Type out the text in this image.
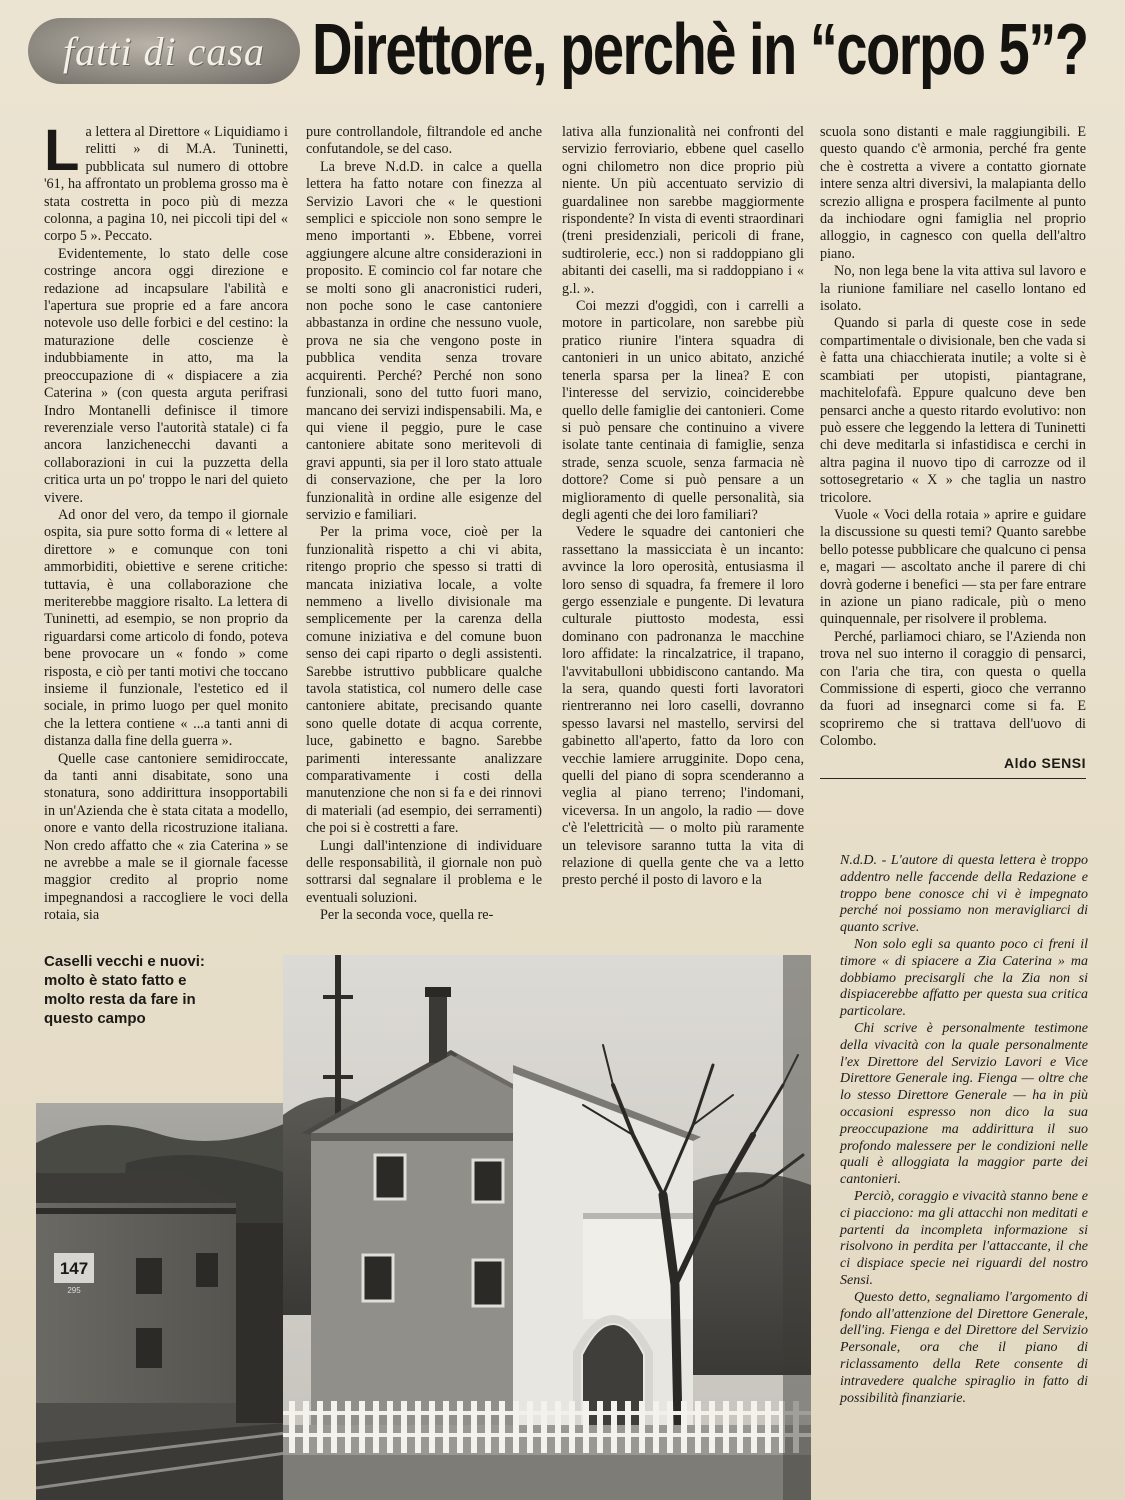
fatti di casa Direttore, perchè in “corpo 5”?

La lettera al Direttore « Liquidiamo i relitti » di M.A. Tuninetti, pubblicata sul numero di ottobre '61, ha affrontato un problema grosso ma è stata costretta in poco più di mezza colonna, a pagina 10, nei piccoli tipi del « corpo 5 ». Peccato.

Evidentemente, lo stato delle cose costringe ancora oggi direzione e redazione ad incapsulare l'abilità e l'apertura sue proprie ed a fare ancora notevole uso delle forbici e del cestino: la maturazione delle coscienze è indubbiamente in atto, ma la preoccupazione di « dispiacere a zia Caterina » (con questa arguta perifrasi Indro Montanelli definisce il timore reverenziale verso l'autorità statale) ci fa ancora lanzichenecchi davanti a collaborazioni in cui la puzzetta della critica urta un po' troppo le nari del quieto vivere.

Ad onor del vero, da tempo il giornale ospita, sia pure sotto forma di « lettere al direttore » e comunque con toni ammorbiditi, obiettive e serene critiche: tuttavia, è una collaborazione che meriterebbe maggiore risalto. La lettera di Tuninetti, ad esempio, se non proprio da riguardarsi come articolo di fondo, poteva bene provocare un « fondo » come risposta, e ciò per tanti motivi che toccano insieme il funzionale, l'estetico ed il sociale, in primo luogo per quel monito che la lettera contiene « ...a tanti anni di distanza dalla fine della guerra ».

Quelle case cantoniere semidiroccate, da tanti anni disabitate, sono una stonatura, sono addirittura insopportabili in un'Azienda che è stata citata a modello, onore e vanto della ricostruzione italiana. Non credo affatto che « zia Caterina » se ne avrebbe a male se il giornale facesse maggior credito al proprio nome impegnandosi a raccogliere le voci della rotaia, sia

pure controllandole, filtrandole ed anche confutandole, se del caso.

La breve N.d.D. in calce a quella lettera ha fatto notare con finezza al Servizio Lavori che « le questioni semplici e spicciole non sono sempre le meno importanti ». Ebbene, vorrei aggiungere alcune altre considerazioni in proposito. E comincio col far notare che se molti sono gli anacronistici ruderi, non poche sono le case cantoniere abbastanza in ordine che nessuno vuole, prova ne sia che vengono poste in pubblica vendita senza trovare acquirenti. Perché? Perché non sono funzionali, sono del tutto fuori mano, mancano dei servizi indispensabili. Ma, e qui viene il peggio, pure le case cantoniere abitate sono meritevoli di gravi appunti, sia per il loro stato attuale di conservazione, che per la loro funzionalità in ordine alle esigenze del servizio e familiari.

Per la prima voce, cioè per la funzionalità rispetto a chi vi abita, ritengo proprio che spesso si tratti di mancata iniziativa locale, a volte nemmeno a livello divisionale ma semplicemente per la carenza della comune iniziativa e del comune buon senso dei capi riparto o degli assistenti. Sarebbe istruttivo pubblicare qualche tavola statistica, col numero delle case cantoniere abitate, precisando quante sono quelle dotate di acqua corrente, luce, gabinetto e bagno. Sarebbe parimenti interessante analizzare comparativamente i costi della manutenzione che non si fa e dei rinnovi di materiali (ad esempio, dei serramenti) che poi si è costretti a fare.

Lungi dall'intenzione di individuare delle responsabilità, il giornale non può sottrarsi dal segnalare il problema e le eventuali soluzioni.

Per la seconda voce, quella re-

lativa alla funzionalità nei confronti del servizio ferroviario, ebbene quel casello ogni chilometro non dice proprio più niente. Un più accentuato servizio di guardalinee non sarebbe maggiormente rispondente? In vista di eventi straordinari (treni presidenziali, pericoli di frane, sudtirolerie, ecc.) non si raddoppiano gli abitanti dei caselli, ma si raddoppiano i « g.l. ».

Coi mezzi d'oggidì, con i carrelli a motore in particolare, non sarebbe più pratico riunire l'intera squadra di cantonieri in un unico abitato, anziché tenerla sparsa per la linea? E con l'interesse del servizio, coinciderebbe quello delle famiglie dei cantonieri. Come si può pensare che continuino a vivere isolate tante centinaia di famiglie, senza strade, senza scuole, senza farmacia nè dottore? Come si può pensare a un miglioramento di quelle personalità, sia degli agenti che dei loro familiari?

Vedere le squadre dei cantonieri che rassettano la massicciata è un incanto: avvince la loro operosità, entusiasma il loro senso di squadra, fa fremere il loro gergo essenziale e pungente. Di levatura culturale piuttosto modesta, essi dominano con padronanza le macchine loro affidate: la rincalzatrice, il trapano, l'avvitabulloni ubbidiscono cantando. Ma la sera, quando questi forti lavoratori rientreranno nei loro caselli, dovranno spesso lavarsi nel mastello, servirsi del gabinetto all'aperto, fatto da loro con vecchie lamiere arrugginite. Dopo cena, quelli del piano di sopra scenderanno a veglia al piano terreno; l'indomani, viceversa. In un angolo, la radio — dove c'è l'elettricità — o molto più raramente un televisore saranno tutta la vita di relazione di quella gente che va a letto presto perché il posto di lavoro e la

scuola sono distanti e male raggiungibili. E questo quando c'è armonia, perché fra gente che è costretta a vivere a contatto giornate intere senza altri diversivi, la malapianta dello screzio alligna e prospera facilmente al punto da inchiodare ogni famiglia nel proprio alloggio, in cagnesco con quella dell'altro piano.

No, non lega bene la vita attiva sul lavoro e la riunione familiare nel casello lontano ed isolato.

Quando si parla di queste cose in sede compartimentale o divisionale, ben che vada si è fatta una chiacchierata inutile; a volte si è scambiati per utopisti, piantagrane, machitelofafà. Eppure qualcuno deve ben pensarci anche a questo ritardo evolutivo: non può essere che leggendo la lettera di Tuninetti chi deve meditarla si infastidisca e cerchi in altra pagina il nuovo tipo di carrozze od il sottosegretario « X » che taglia un nastro tricolore.

Vuole « Voci della rotaia » aprire e guidare la discussione su questi temi? Quanto sarebbe bello potesse pubblicare che qualcuno ci pensa e, magari — ascoltato anche il parere di chi dovrà goderne i benefici — sta per fare entrare in azione un piano radicale, più o meno quinquennale, per risolvere il problema.

Perché, parliamoci chiaro, se l'Azienda non trova nel suo interno il coraggio di pensarci, con l'aria che tira, con questa o quella Commissione di esperti, gioco che verranno da fuori ad insegnarci come si fa. E scopriremo che si trattava dell'uovo di Colombo.

Aldo SENSI

N.d.D. - L'autore di questa lettera è troppo addentro nelle faccende della Redazione e troppo bene conosce chi vi è impegnato perché noi possiamo non meravigliarci di quanto scrive.

Non solo egli sa quanto poco ci freni il timore « di spiacere a Zia Caterina » ma dobbiamo precisargli che la Zia non si dispiacerebbe affatto per questa sua critica particolare.

Chi scrive è personalmente testimone della vivacità con la quale personalmente l'ex Direttore del Servizio Lavori e Vice Direttore Generale ing. Fienga — oltre che lo stesso Direttore Generale — ha in più occasioni espresso non dico la sua preoccupazione ma addirittura il suo profondo malessere per le condizioni nelle quali è alloggiata la maggior parte dei cantonieri.

Perciò, coraggio e vivacità stanno bene e ci piacciono: ma gli attacchi non meditati e partenti da incompleta informazione si risolvono in perdita per l'attaccante, il che ci dispiace specie nei riguardi del nostro Sensi.

Questo detto, segnaliamo l'argomento di fondo all'attenzione del Direttore Generale, dell'ing. Fienga e del Direttore del Servizio Personale, ora che il piano di riclassamento della Rete consente di intravedere qualche spiraglio in fatto di possibilità finanziarie.

Caselli vecchi e nuovi: molto è stato fatto e molto resta da fare in questo campo
147
295
